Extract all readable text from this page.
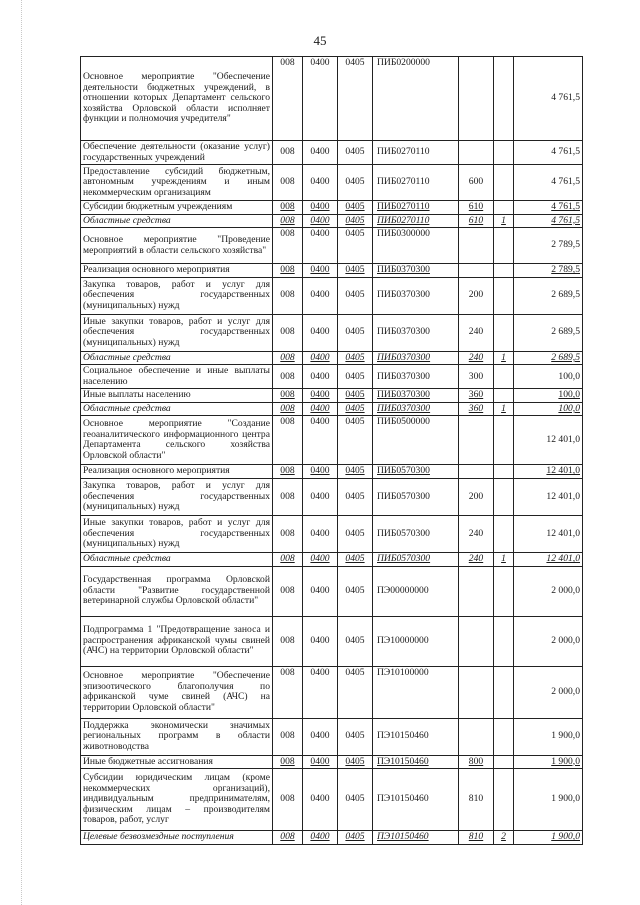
45
Основное мероприятие "Обеспечение деятельности бюджетных учреждений, в отношении которых Департамент сельского хозяйства Орловской области исполняет функции и полномочия учредителя"	008	0400	0405	ПИБ0200000			4 761,5
Обеспечение деятельности (оказание услуг) государственных учреждений	008	0400	0405	ПИБ0270110			4 761,5
Предоставление субсидий бюджетным, автономным учреждениям и иным некоммерческим организациям	008	0400	0405	ПИБ0270110	600		4 761,5
Субсидии бюджетным учреждениям	008	0400	0405	ПИБ0270110	610		4 761,5
Областные средства	008	0400	0405	ПИБ0270110	610	1	4 761,5
Основное мероприятие "Проведение мероприятий в области сельского хозяйства"	008	0400	0405	ПИБ0300000			2 789,5
Реализация основного мероприятия	008	0400	0405	ПИБ0370300			2 789,5
Закупка товаров, работ и услуг для обеспечения государственных (муниципальных) нужд	008	0400	0405	ПИБ0370300	200		2 689,5
Иные закупки товаров, работ и услуг для обеспечения государственных (муниципальных) нужд	008	0400	0405	ПИБ0370300	240		2 689,5
Областные средства	008	0400	0405	ПИБ0370300	240	1	2 689,5
Социальное обеспечение и иные выплаты населению	008	0400	0405	ПИБ0370300	300		100,0
Иные выплаты населению	008	0400	0405	ПИБ0370300	360		100,0
Областные средства	008	0400	0405	ПИБ0370300	360	1	100,0
Основное мероприятие "Создание геоаналитического информационного центра Департамента сельского хозяйства Орловской области"	008	0400	0405	ПИБ0500000			12 401,0
Реализация основного мероприятия	008	0400	0405	ПИБ0570300			12 401,0
Закупка товаров, работ и услуг для обеспечения государственных (муниципальных) нужд	008	0400	0405	ПИБ0570300	200		12 401,0
Иные закупки товаров, работ и услуг для обеспечения государственных (муниципальных) нужд	008	0400	0405	ПИБ0570300	240		12 401,0
Областные средства	008	0400	0405	ПИБ0570300	240	1	12 401,0
Государственная программа Орловской области "Развитие государственной ветеринарной службы Орловской области"	008	0400	0405	ПЭ00000000			2 000,0
Подпрограмма 1 "Предотвращение заноса и распространения африканской чумы свиней (АЧС) на территории Орловской области"	008	0400	0405	ПЭ10000000			2 000,0
Основное мероприятие "Обеспечение эпизоотического благополучия по африканской чуме свиней (АЧС) на территории Орловской области"	008	0400	0405	ПЭ10100000			2 000,0
Поддержка экономически значимых региональных программ в области животноводства	008	0400	0405	ПЭ10150460			1 900,0
Иные бюджетные ассигнования	008	0400	0405	ПЭ10150460	800		1 900,0
Субсидии юридическим лицам (кроме некоммерческих организаций), индивидуальным предпринимателям, физическим лицам – производителям товаров, работ, услуг	008	0400	0405	ПЭ10150460	810		1 900,0
Целевые безвозмездные поступления	008	0400	0405	ПЭ10150460	810	2	1 900,0
